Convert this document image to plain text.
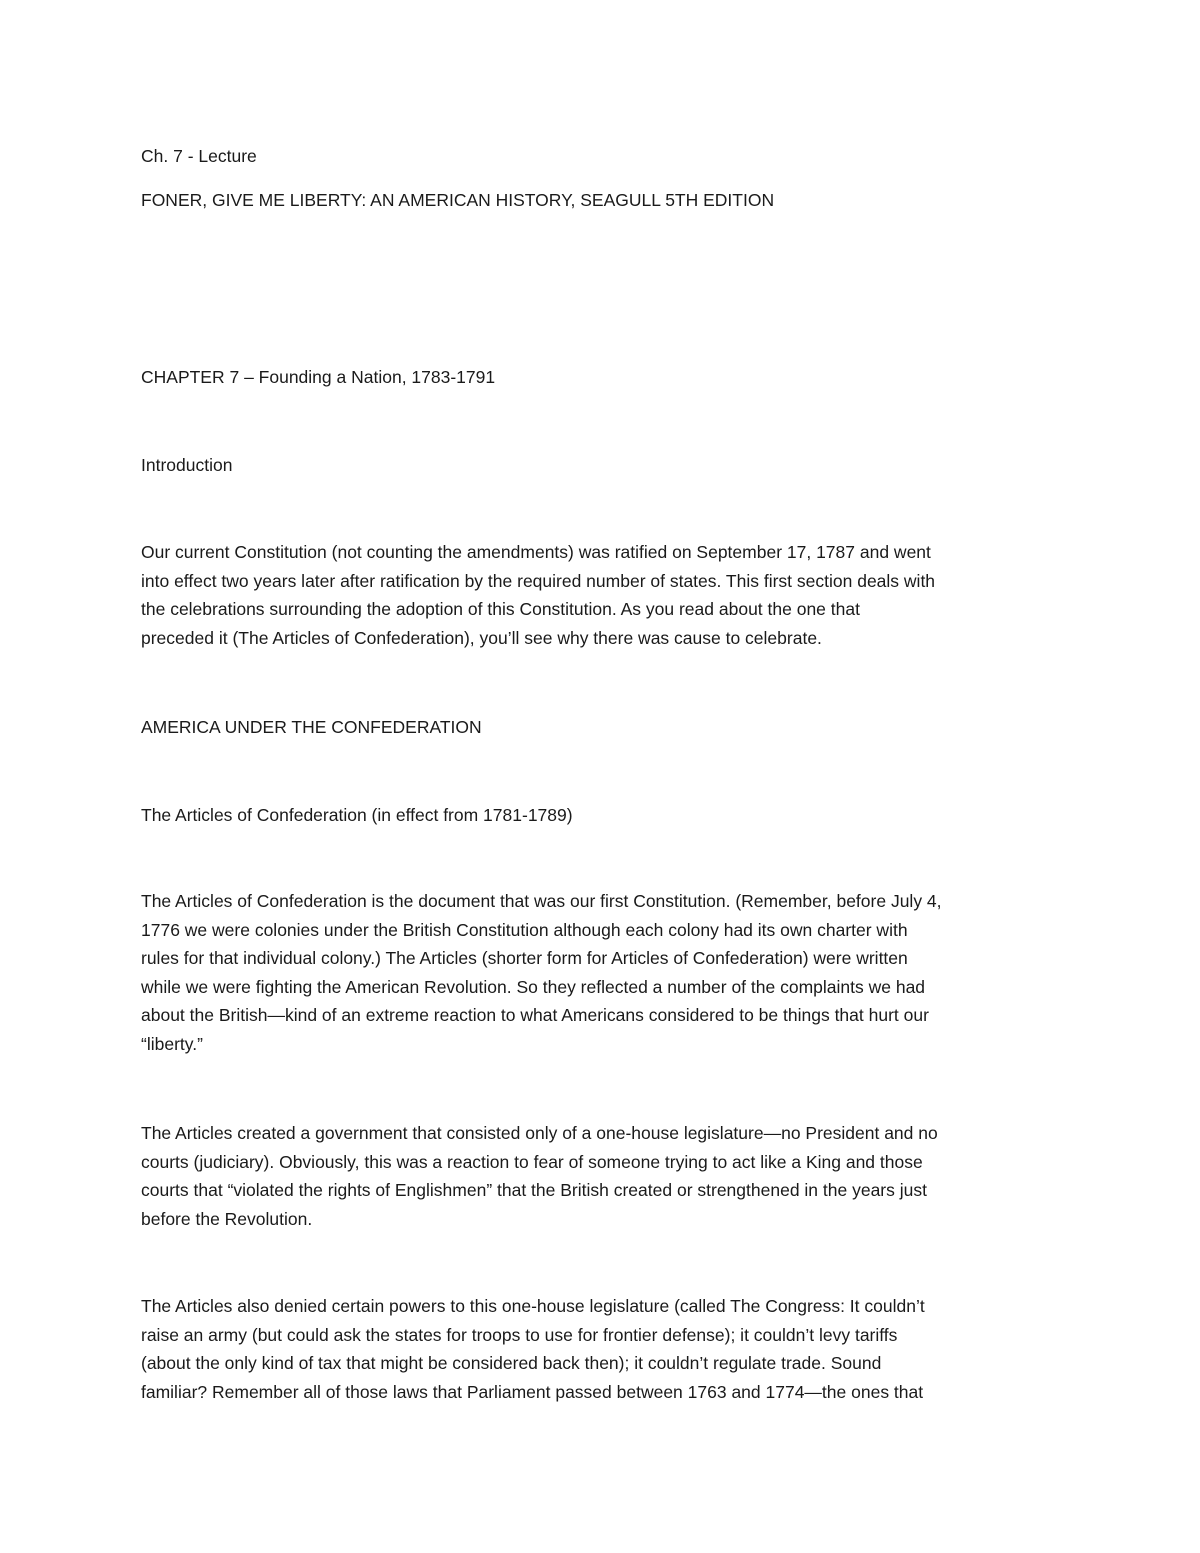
Ch. 7 - Lecture

FONER, GIVE ME LIBERTY: AN AMERICAN HISTORY, SEAGULL 5TH EDITION

CHAPTER 7 – Founding a Nation, 1783-1791

Introduction

Our current Constitution (not counting the amendments) was ratified on September 17, 1787 and went
into effect two years later after ratification by the required number of states. This first section deals with
the celebrations surrounding the adoption of this Constitution. As you read about the one that
preceded it (The Articles of Confederation), you’ll see why there was cause to celebrate.

AMERICA UNDER THE CONFEDERATION

The Articles of Confederation (in effect from 1781-1789)

The Articles of Confederation is the document that was our first Constitution. (Remember, before July 4,
1776 we were colonies under the British Constitution although each colony had its own charter with
rules for that individual colony.) The Articles (shorter form for Articles of Confederation) were written
while we were fighting the American Revolution. So they reflected a number of the complaints we had
about the British—kind of an extreme reaction to what Americans considered to be things that hurt our
“liberty.”
The Articles created a government that consisted only of a one-house legislature—no President and no
courts (judiciary). Obviously, this was a reaction to fear of someone trying to act like a King and those
courts that “violated the rights of Englishmen” that the British created or strengthened in the years just
before the Revolution.
The Articles also denied certain powers to this one-house legislature (called The Congress: It couldn’t
raise an army (but could ask the states for troops to use for frontier defense); it couldn’t levy tariffs
(about the only kind of tax that might be considered back then); it couldn’t regulate trade. Sound
familiar? Remember all of those laws that Parliament passed between 1763 and 1774—the ones that
